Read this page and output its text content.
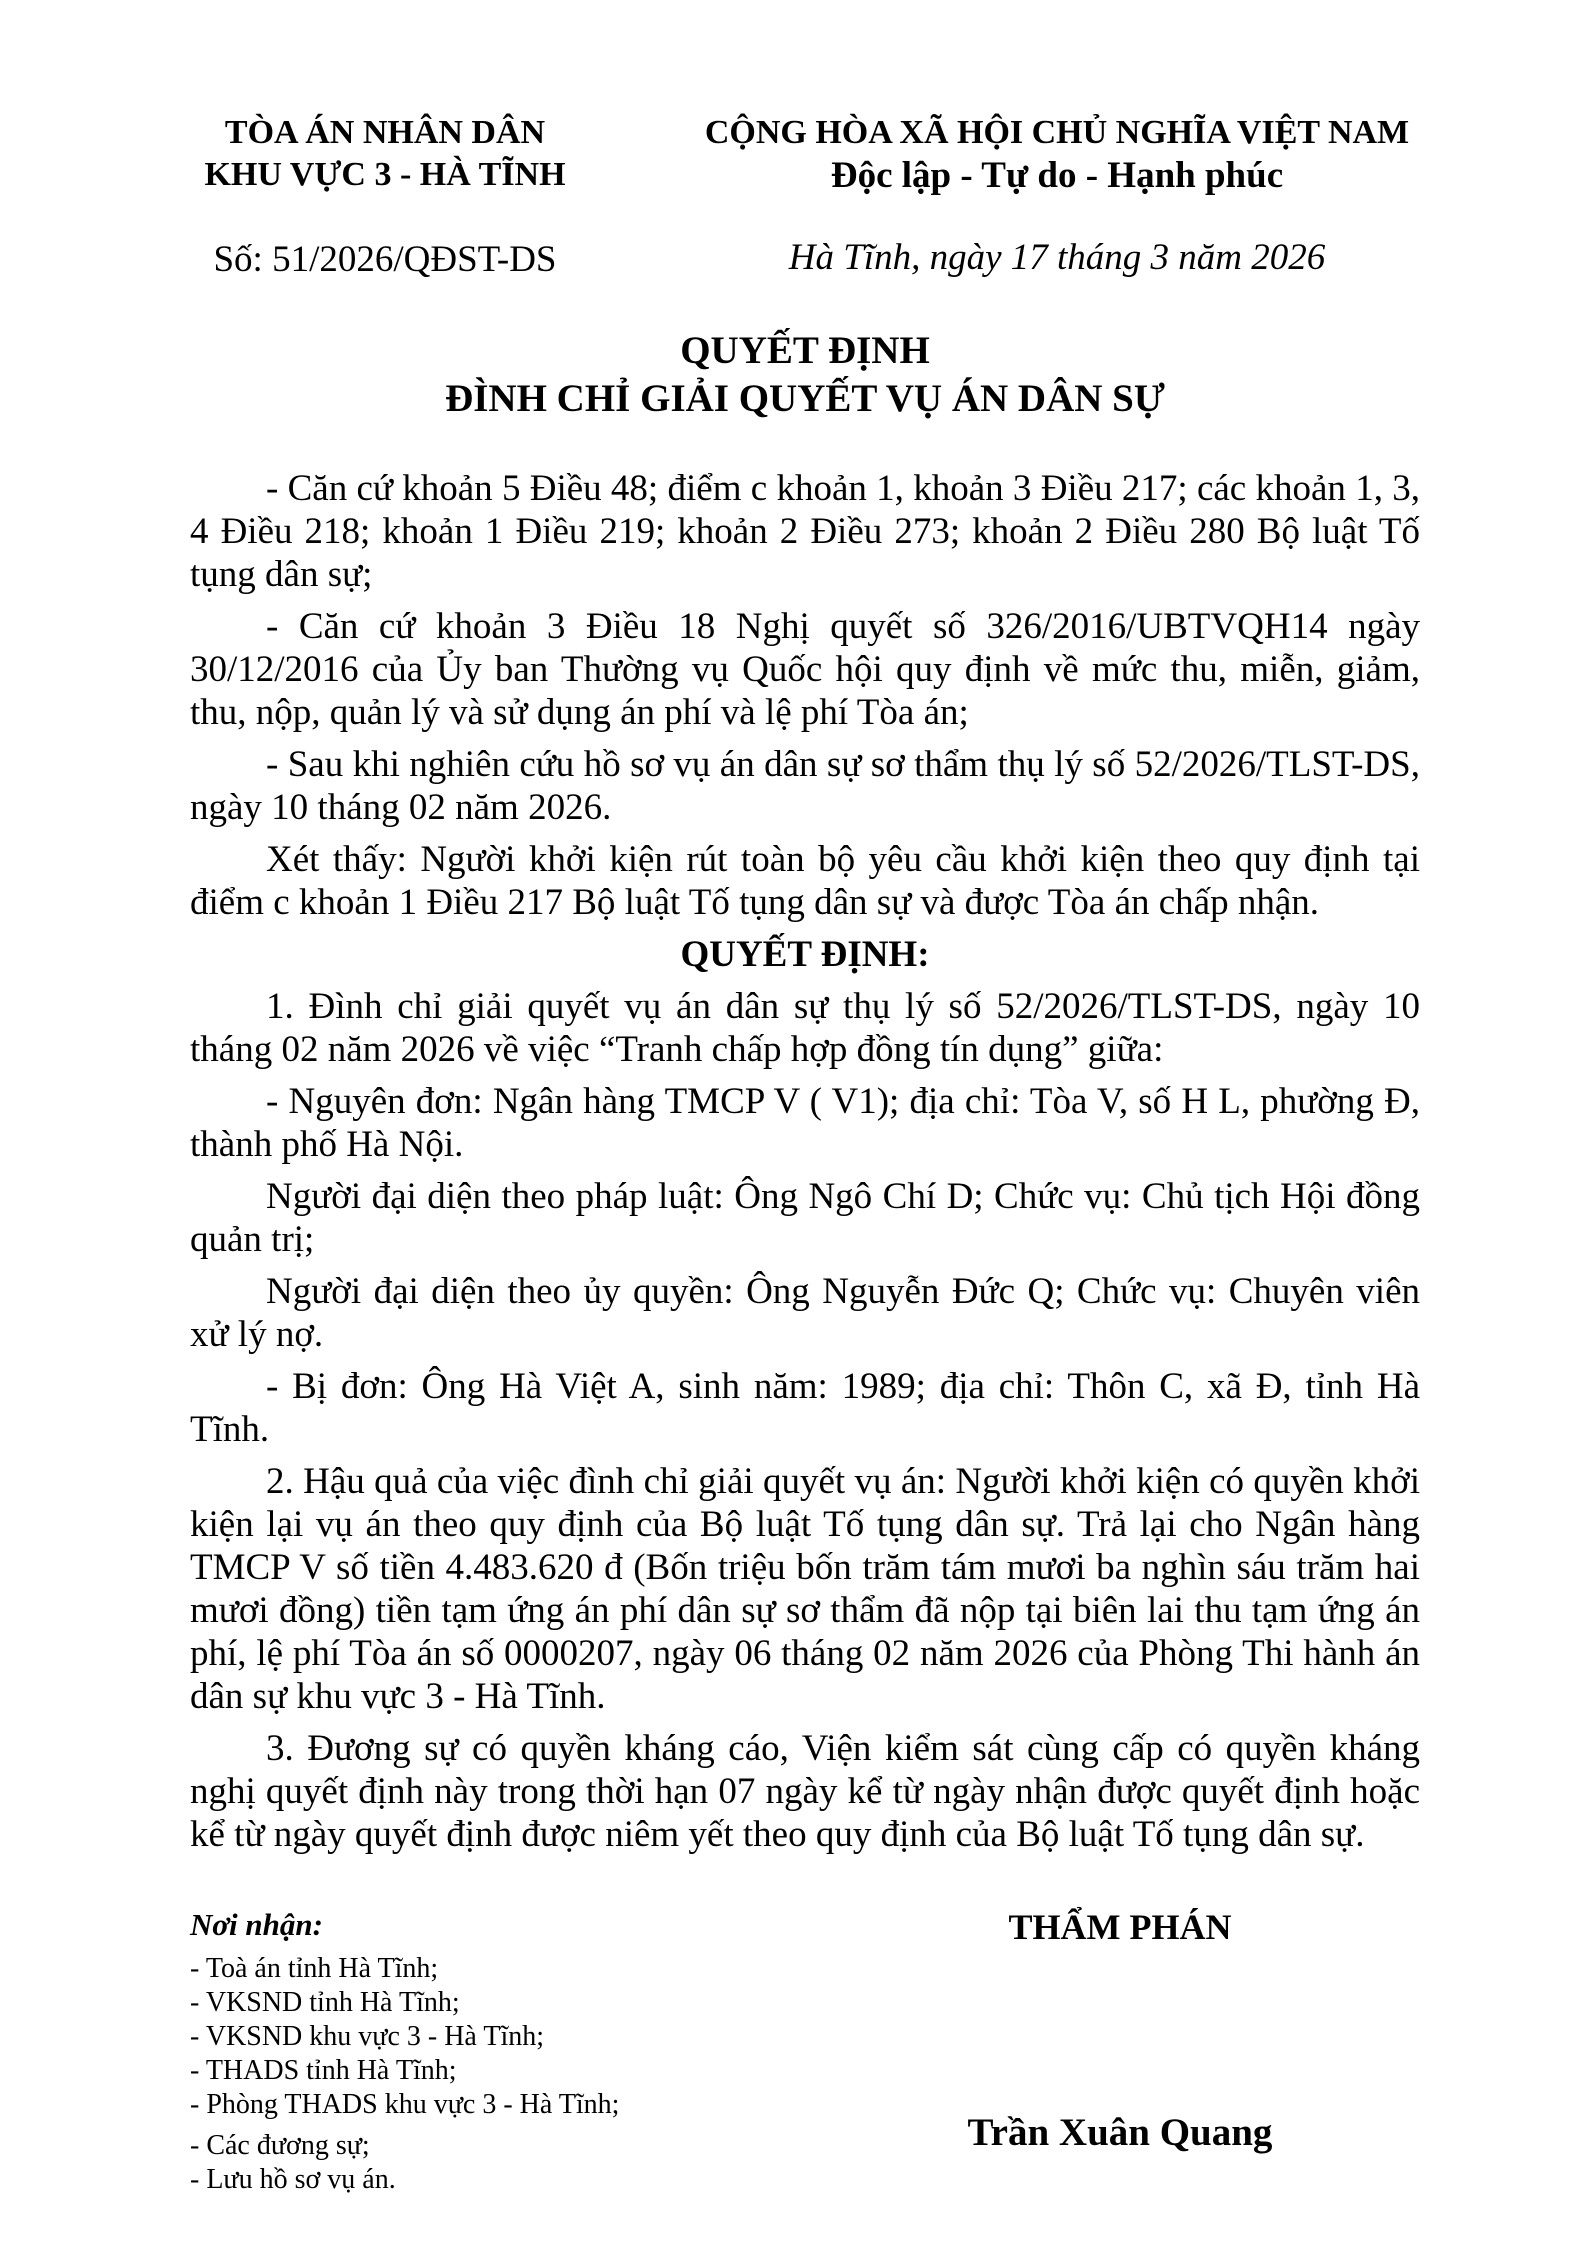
TÒA ÁN NHÂN DÂN
KHU VỰC 3 - HÀ TĨNH
Số: 51/2026/QĐST-DS
CỘNG HÒA XÃ HỘI CHỦ NGHĨA VIỆT NAM
Độc lập - Tự do - Hạnh phúc
Hà Tĩnh, ngày 17 tháng 3 năm 2026
QUYẾT ĐỊNH
ĐÌNH CHỈ GIẢI QUYẾT VỤ ÁN DÂN SỰ

- Căn cứ khoản 5 Điều 48; điểm c khoản 1, khoản 3 Điều 217; các khoản 1, 3, 4 Điều 218; khoản 1 Điều 219; khoản 2 Điều 273; khoản 2 Điều 280 Bộ luật Tố tụng dân sự;

- Căn cứ khoản 3 Điều 18 Nghị quyết số 326/2016/UBTVQH14 ngày 30/12/2016 của Ủy ban Thường vụ Quốc hội quy định về mức thu, miễn, giảm, thu, nộp, quản lý và sử dụng án phí và lệ phí Tòa án;

- Sau khi nghiên cứu hồ sơ vụ án dân sự sơ thẩm thụ lý số 52/2026/TLST-DS, ngày 10 tháng 02 năm 2026.

Xét thấy: Người khởi kiện rút toàn bộ yêu cầu khởi kiện theo quy định tại điểm c khoản 1 Điều 217 Bộ luật Tố tụng dân sự và được Tòa án chấp nhận.

QUYẾT ĐỊNH:

1. Đình chỉ giải quyết vụ án dân sự thụ lý số 52/2026/TLST-DS, ngày 10 tháng 02 năm 2026 về việc “Tranh chấp hợp đồng tín dụng” giữa:

- Nguyên đơn: Ngân hàng TMCP V ( V1); địa chỉ: Tòa V, số H L, phường Đ, thành phố Hà Nội.

Người đại diện theo pháp luật: Ông Ngô Chí D; Chức vụ: Chủ tịch Hội đồng quản trị;

Người đại diện theo ủy quyền: Ông Nguyễn Đức Q; Chức vụ: Chuyên viên xử lý nợ.

- Bị đơn: Ông Hà Việt A, sinh năm: 1989; địa chỉ: Thôn C, xã Đ, tỉnh Hà Tĩnh.

2. Hậu quả của việc đình chỉ giải quyết vụ án: Người khởi kiện có quyền khởi kiện lại vụ án theo quy định của Bộ luật Tố tụng dân sự. Trả lại cho Ngân hàng TMCP V số tiền 4.483.620 đ (Bốn triệu bốn trăm tám mươi ba nghìn sáu trăm hai mươi đồng) tiền tạm ứng án phí dân sự sơ thẩm đã nộp tại biên lai thu tạm ứng án phí, lệ phí Tòa án số 0000207, ngày 06 tháng 02 năm 2026 của Phòng Thi hành án dân sự khu vực 3 - Hà Tĩnh.

3. Đương sự có quyền kháng cáo, Viện kiểm sát cùng cấp có quyền kháng nghị quyết định này trong thời hạn 07 ngày kể từ ngày nhận được quyết định hoặc kể từ ngày quyết định được niêm yết theo quy định của Bộ luật Tố tụng dân sự.

Nơi nhận:
- Toà án tỉnh Hà Tĩnh;
- VKSND tỉnh Hà Tĩnh;
- VKSND khu vực 3 - Hà Tĩnh;
- THADS tỉnh Hà Tĩnh;
- Phòng THADS khu vực 3 - Hà Tĩnh;
- Các đương sự;
- Lưu hồ sơ vụ án.
THẨM PHÁN
Trần Xuân Quang
